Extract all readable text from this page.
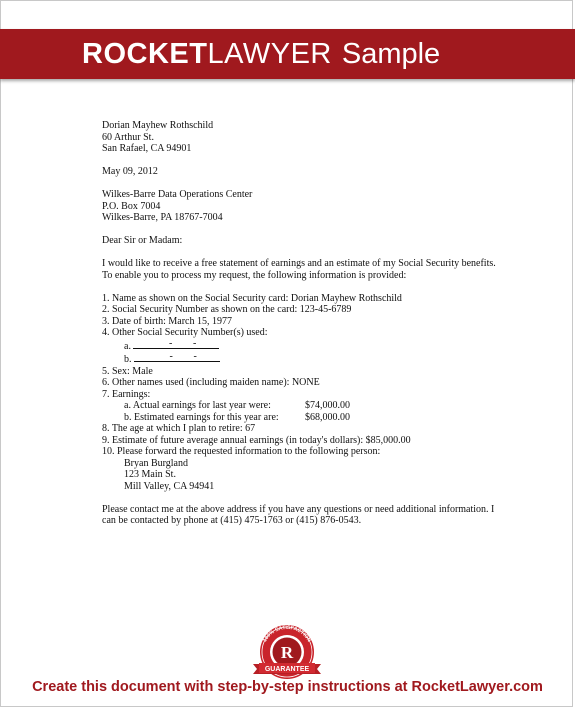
ROCKETLAWYER Sample

Dorian Mayhew Rothschild

60 Arthur St.

San Rafael, CA 94901

May 09, 2012

Wilkes-Barre Data Operations Center

P.O. Box 7004

Wilkes-Barre, PA 18767-7004

Dear Sir or Madam:

I would like to receive a free statement of earnings and an estimate of my Social Security benefits.

To enable you to process my request, the following information is provided:

1. Name as shown on the Social Security card: Dorian Mayhew Rothschild

2. Social Security Number as shown on the card: 123-45-6789

3. Date of birth: March 15, 1977

4. Other Social Security Number(s) used:

a.	- -

b.	- -

5. Sex: Male

6. Other names used (including maiden name): NONE

7. Earnings:

a. Actual earnings for last year were:	$74,000.00
b. Estimated earnings for this year are:	$68,000.00

8. The age at which I plan to retire: 67

9. Estimate of future average annual earnings (in today's dollars): $85,000.00

10. Please forward the requested information to the following person:

Bryan Burgland

123 Main St.

Mill Valley, CA 94941

Please contact me at the above address if you have any questions or need additional information. I

can be contacted by phone at (415) 475-1763 or (415) 876-0543.

100% SATISFACTION
R
GUARANTEE
Create this document with step-by-step instructions at RocketLawyer.com
